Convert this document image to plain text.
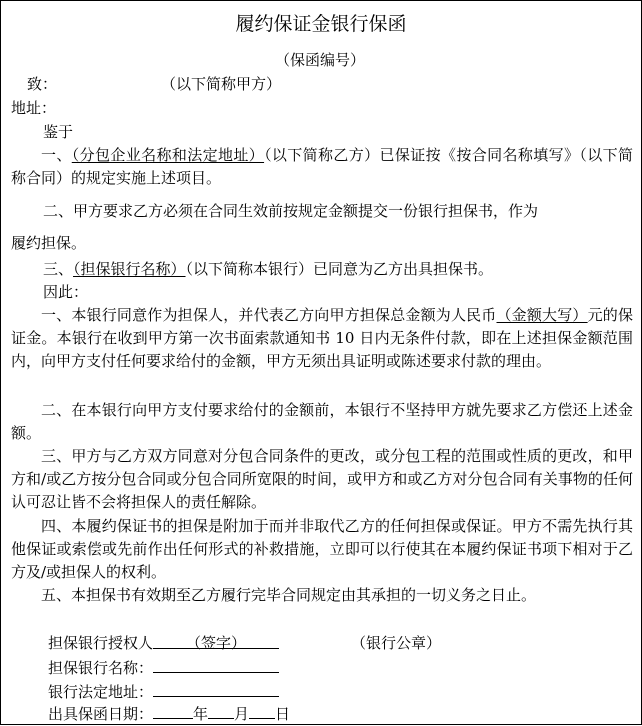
履约保证金银行保函
（保函编号）
致：	（以下简称甲方）
地址：
鉴于
一、（分包企业名称和法定地址）（以下简称乙方）已保证按《按合同名称填写》（以下简称合同）的规定实施上述项目。
二、甲方要求乙方必须在合同生效前按规定金额提交一份银行担保书，作为
履约担保。
三、（担保银行名称）（以下简称本银行）已同意为乙方出具担保书。
因此：
一、本银行同意作为担保人，并代表乙方向甲方担保总金额为人民币（金额大写）元的保证金。本银行在收到甲方第一次书面索款通知书 10 日内无条件付款，即在上述担保金额范围内，向甲方支付任何要求给付的金额，甲方无须出具证明或陈述要求付款的理由。
二、在本银行向甲方支付要求给付的金额前，本银行不坚持甲方就先要求乙方偿还上述金额。
三、甲方与乙方双方同意对分包合同条件的更改，或分包工程的范围或性质的更改，和甲方和/或乙方按分包合同或分包合同所宽限的时间，或甲方和或乙方对分包合同有关事物的任何认可忍让皆不会将担保人的责任解除。
四、本履约保证书的担保是附加于而并非取代乙方的任何担保或保证。甲方不需先执行其他保证或索偿或先前作出任何形式的补救措施，立即可以行使其在本履约保证书项下相对于乙方及/或担保人的权利。
五、本担保书有效期至乙方履行完毕合同规定由其承担的一切义务之日止。
担保银行授权人 （签字）	（银行公章）
担保银行名称：
银行法定地址：
出具保函日期：	年 月 日
